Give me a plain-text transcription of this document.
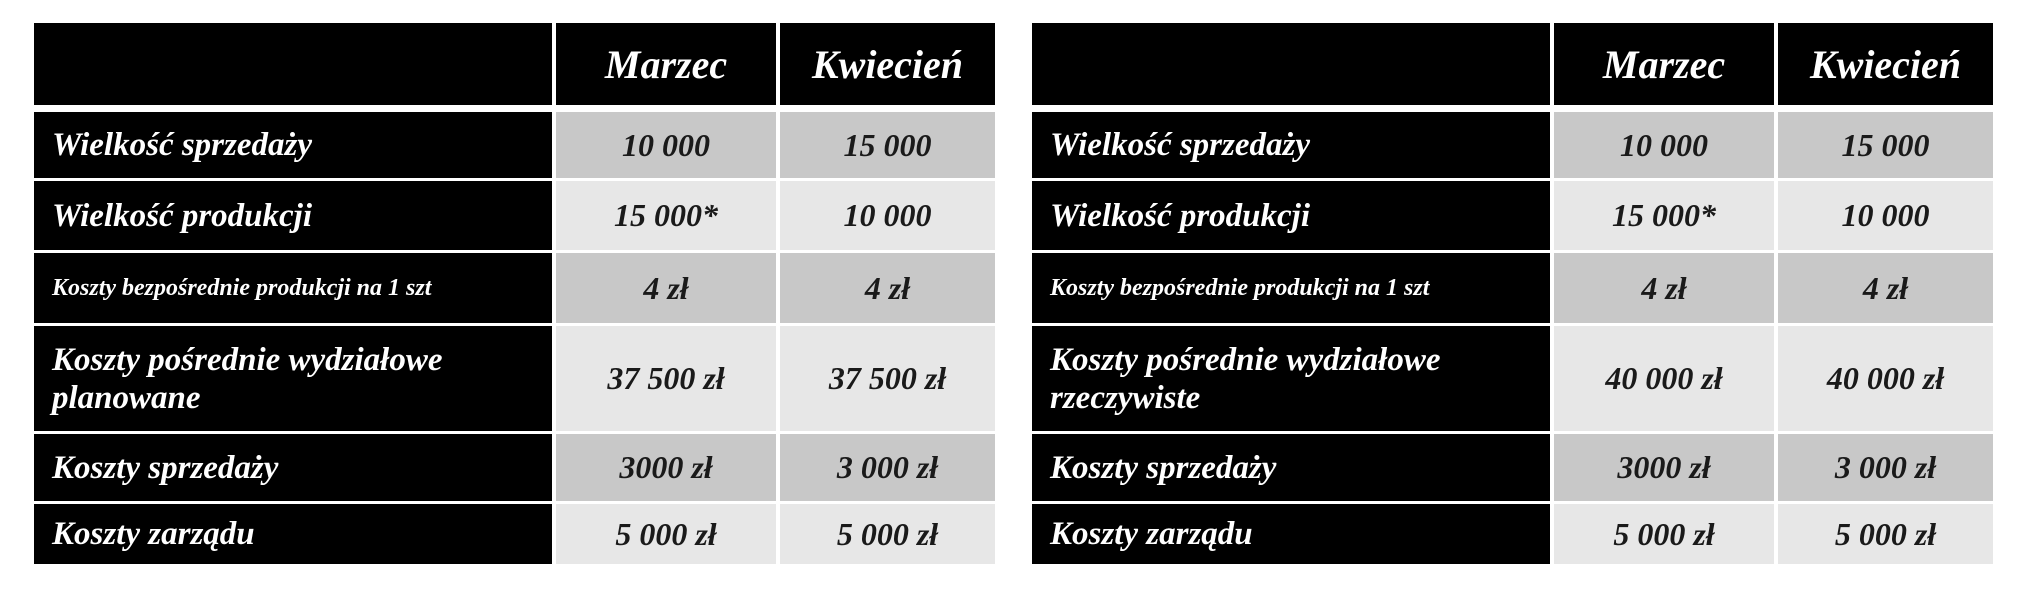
	Marzec	Kwiecień

Wielkość sprzedaży	10 000	15 000
Wielkość produkcji	15 000*	10 000
Koszty bezpośrednie produkcji na 1 szt	4 zł	4 zł
Koszty pośrednie wydziałowe planowane	37 500 zł	37 500 zł
Koszty sprzedaży	3000 zł	3 000 zł
Koszty zarządu	5 000 zł	5 000 zł
	Marzec	Kwiecień

Wielkość sprzedaży	10 000	15 000
Wielkość produkcji	15 000*	10 000
Koszty bezpośrednie produkcji na 1 szt	4 zł	4 zł
Koszty pośrednie wydziałowe rzeczywiste	40 000 zł	40 000 zł
Koszty sprzedaży	3000 zł	3 000 zł
Koszty zarządu	5 000 zł	5 000 zł
